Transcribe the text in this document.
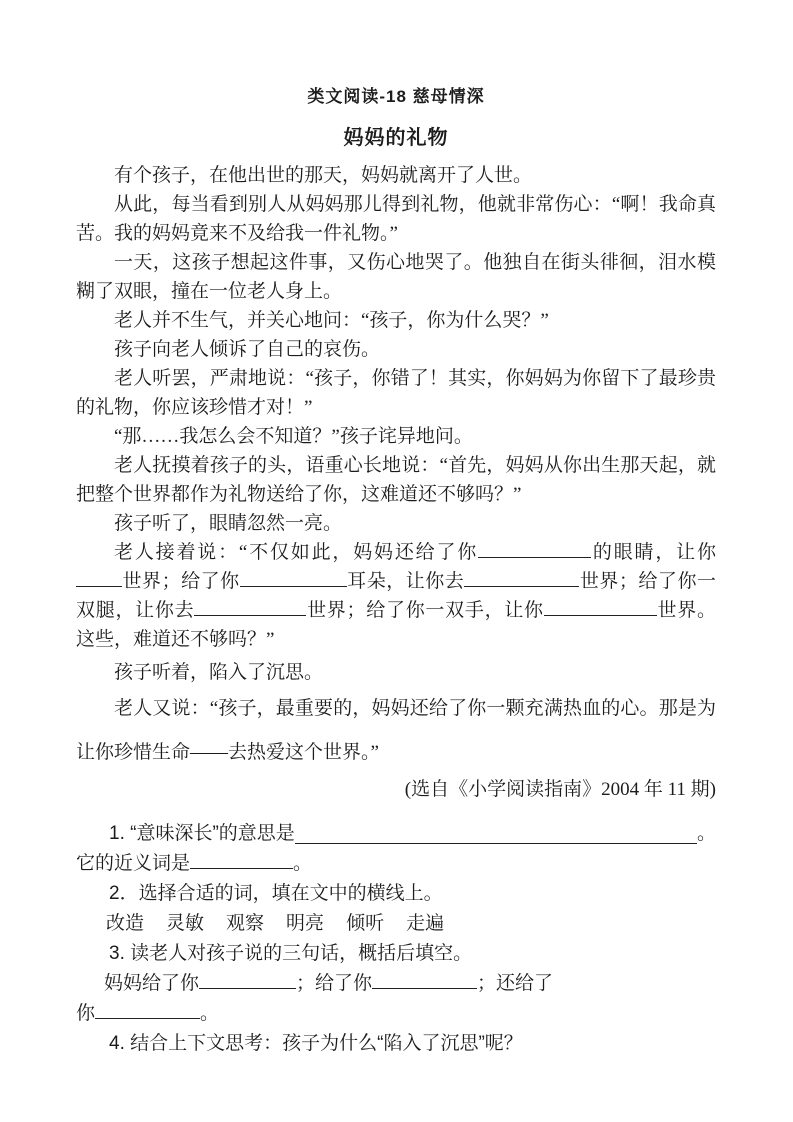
类文阅读-18 慈母情深
妈妈的礼物

有个孩子，在他出世的那天，妈妈就离开了人世。

从此，每当看到别人从妈妈那儿得到礼物，他就非常伤心：“啊！我命真苦。我的妈妈竟来不及给我一件礼物。”

一天，这孩子想起这件事，又伤心地哭了。他独自在街头徘徊，泪水模糊了双眼，撞在一位老人身上。

老人并不生气，并关心地问：“孩子，你为什么哭？”

孩子向老人倾诉了自己的哀伤。

老人听罢，严肃地说：“孩子，你错了！其实，你妈妈为你留下了最珍贵的礼物，你应该珍惜才对！”

“那……我怎么会不知道？”孩子诧异地问。

老人抚摸着孩子的头，语重心长地说：“首先，妈妈从你出生那天起，就把整个世界都作为礼物送给了你，这难道还不够吗？”

孩子听了，眼睛忽然一亮。

老人接着说：“不仅如此，妈妈还给了你	的眼睛，让你世界；给了你	耳朵，让你去	世界；给了你一双腿，让你去	世界；给了你一双手，让你	世界。这些，难道还不够吗？”

孩子听着，陷入了沉思。

老人又说：“孩子，最重要的，妈妈还给了你一颗充满热血的心。那是为让你珍惜生命——去热爱这个世界。”

(选自《小学阅读指南》2004 年 11 期)

1. “意味深长”的意思是	。
它的近义词是	。
2．选择合适的词，填在文中的横线上。
改造 灵敏 观察 明亮 倾听 走遍
3. 读老人对孩子说的三句话，概括后填空。
妈妈给了你	；给了你	；还给了
你	。
4. 结合上下文思考：孩子为什么“陷入了沉思”呢？
